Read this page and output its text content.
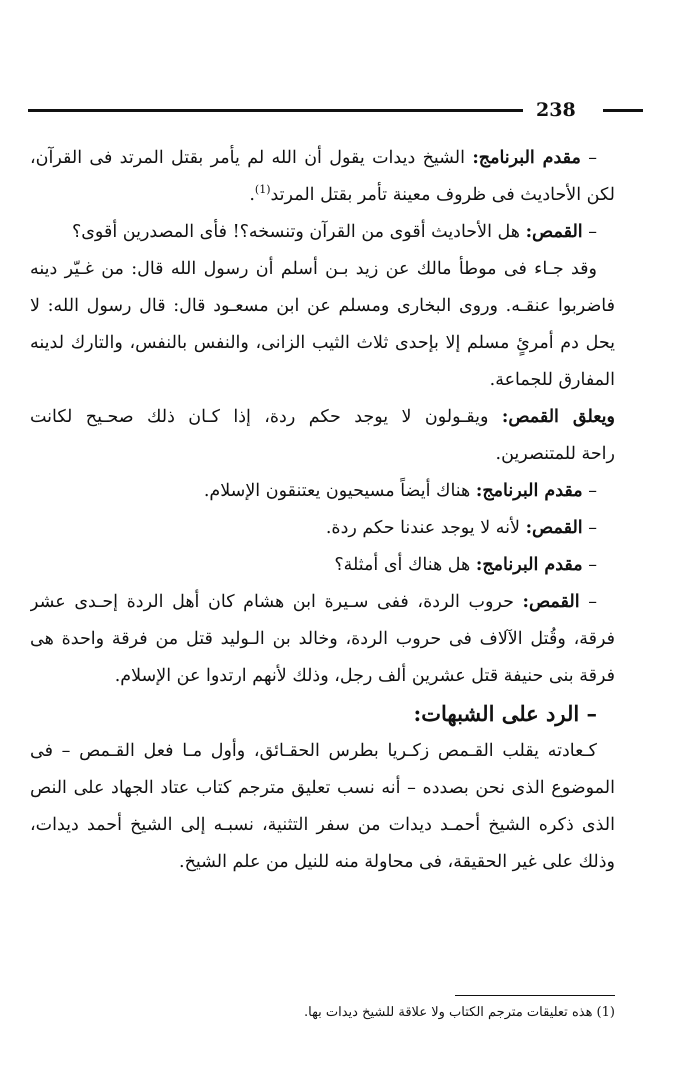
238
– مقدم البرنامج: الشيخ ديدات يقول أن الله لم يأمر بقتل المرتد فى القرآن،
لكن الأحاديث فى ظروف معينة تأمر بقتل المرتد$^{(1)}$.
– القمص: هل الأحاديث أقوى من القرآن وتنسخه؟! فأى المصدرين أقوى؟
وقد جـاء فى موطأ مالك عن زيد بـن أسلم أن رسول الله قال: من غـيّر دينه
فاضربوا عنقـه. وروى البخارى ومسلم عن ابن مسعـود قال: قال رسول الله: لا
يحل دم أمرئٍ مسلم إلا بإحدى ثلاث الثيب الزانى، والنفس بالنفس، والتارك لدينه
المفارق للجماعة.
ويعلق القمص: ويقـولون لا يوجد حكم ردة، إذا كـان ذلك صحـيح لكانت
راحة للمتنصرين.
– مقدم البرنامج: هناك أيضاً مسيحيون يعتنقون الإسلام.
– القمص: لأنه لا يوجد عندنا حكم ردة.
– مقدم البرنامج: هل هناك أى أمثلة؟
– القمص: حروب الردة، ففى سـيرة ابن هشام كان أهل الردة إحـدى عشر
فرقة، وقُتل الآلاف فى حروب الردة، وخالد بن الـوليد قتل من فرقة واحدة هى
فرقة بنى حنيفة قتل عشرين ألف رجل، وذلك لأنهم ارتدوا عن الإسلام.
– الرد على الشبهات:
كـعادته يقلب القـمص زكـريا بطرس الحقـائق، وأول مـا فعل القـمص – فى
الموضوع الذى نحن بصدده – أنه نسب تعليق مترجم كتاب عتاد الجهاد على النص
الذى ذكره الشيخ أحمـد ديدات من سفر التثنية، نسبـه إلى الشيخ أحمد ديدات،
وذلك على غير الحقيقة، فى محاولة منه للنيل من علم الشيخ.
(1) هذه تعليقات مترجم الكتاب ولا علاقة للشيخ ديدات بها.
